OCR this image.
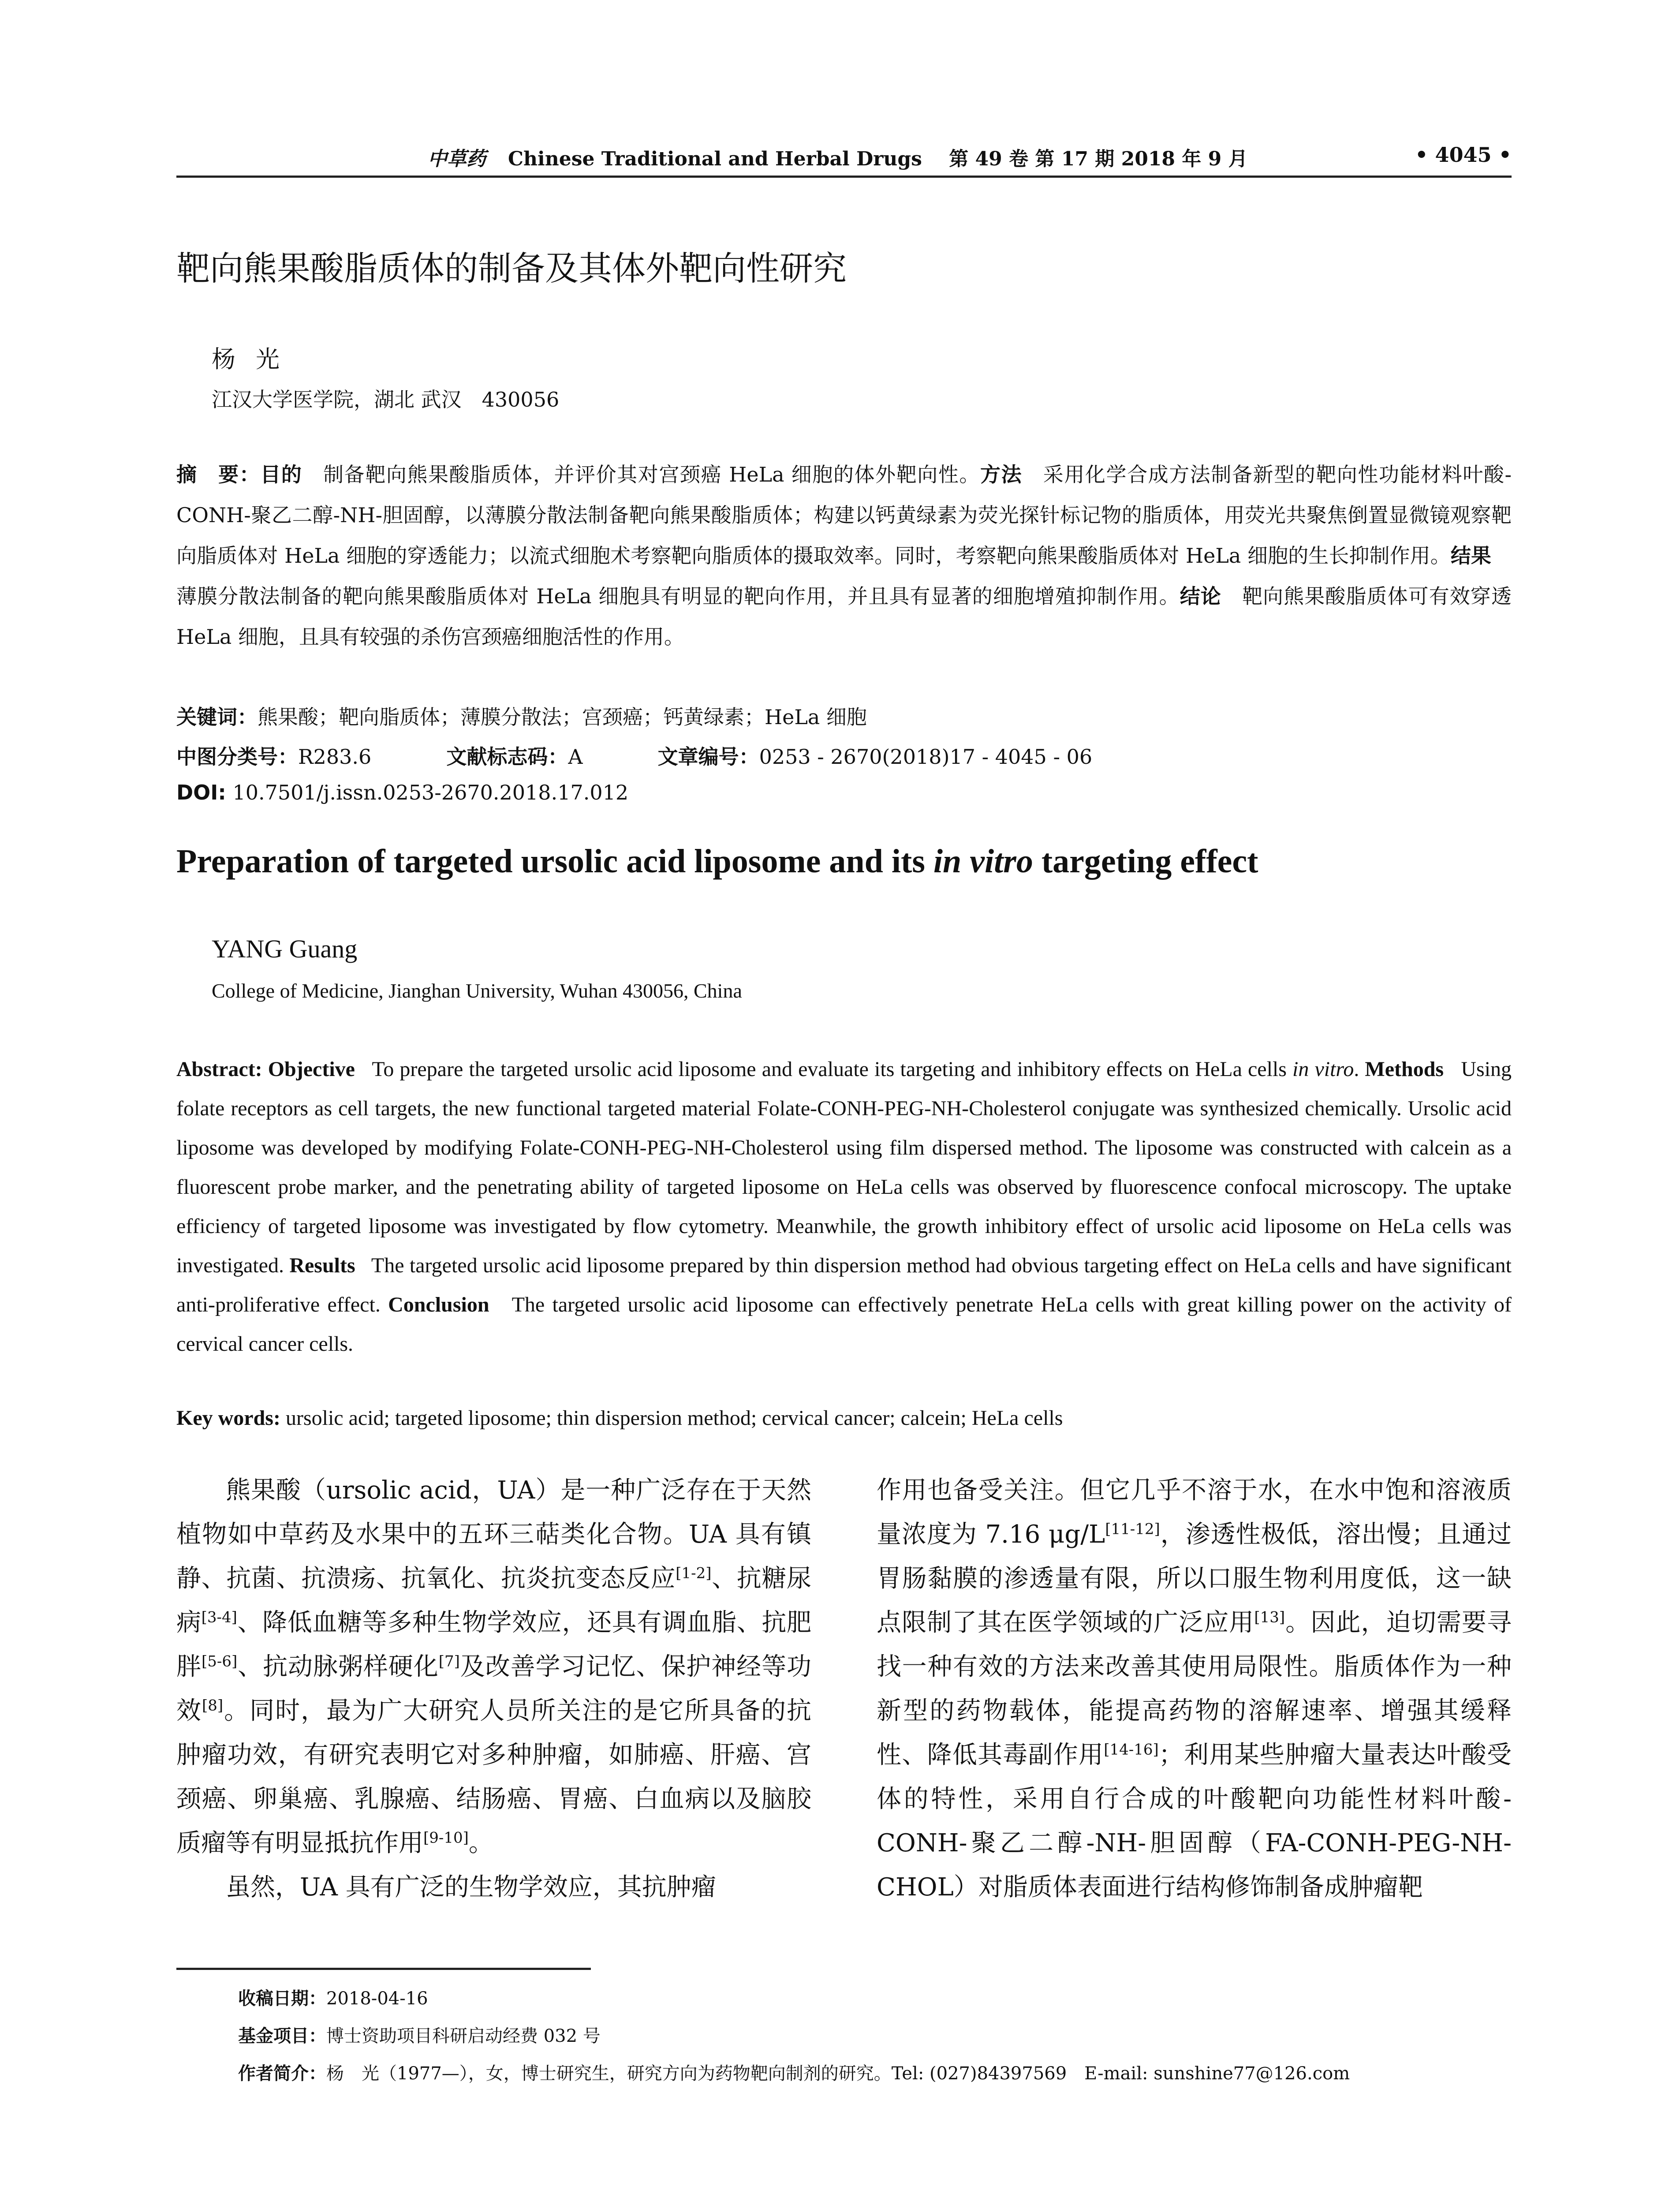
中草药 Chinese Traditional and Herbal Drugs 第 49 卷 第 17 期 2018 年 9 月	• 4045 •
靶向熊果酸脂质体的制备及其体外靶向性研究
杨光
江汉大学医学院，湖北 武汉　430056

摘　要：目的　制备靶向熊果酸脂质体，并评价其对宫颈癌 HeLa 细胞的体外靶向性。方法　采用化学合成方法制备新型的靶向性功能材料叶酸-CONH-聚乙二醇-NH-胆固醇，以薄膜分散法制备靶向熊果酸脂质体；构建以钙黄绿素为荧光探针标记物的脂质体，用荧光共聚焦倒置显微镜观察靶向脂质体对 HeLa 细胞的穿透能力；以流式细胞术考察靶向脂质体的摄取效率。同时，考察靶向熊果酸脂质体对 HeLa 细胞的生长抑制作用。结果　薄膜分散法制备的靶向熊果酸脂质体对 HeLa 细胞具有明显的靶向作用，并且具有显著的细胞增殖抑制作用。结论　靶向熊果酸脂质体可有效穿透 HeLa 细胞，且具有较强的杀伤宫颈癌细胞活性的作用。

关键词：熊果酸；靶向脂质体；薄膜分散法；宫颈癌；钙黄绿素；HeLa 细胞
中图分类号：R283.6	文献标志码：A	文章编号：0253 - 2670(2018)17 - 4045 - 06
DOI: 10.7501/j.issn.0253-2670.2018.17.012
Preparation of targeted ursolic acid liposome and its in vitro targeting effect
YANG Guang
College of Medicine, Jianghan University, Wuhan 430056, China

Abstract: Objective To prepare the targeted ursolic acid liposome and evaluate its targeting and inhibitory effects on HeLa cells in vitro. Methods Using folate receptors as cell targets, the new functional targeted material Folate-CONH-PEG-NH-Cholesterol conjugate was synthesized chemically. Ursolic acid liposome was developed by modifying Folate-CONH-PEG-NH-Cholesterol using film dispersed method. The liposome was constructed with calcein as a fluorescent probe marker, and the penetrating ability of targeted liposome on HeLa cells was observed by fluorescence confocal microscopy. The uptake efficiency of targeted liposome was investigated by flow cytometry. Meanwhile, the growth inhibitory effect of ursolic acid liposome on HeLa cells was investigated. Results The targeted ursolic acid liposome prepared by thin dispersion method had obvious targeting effect on HeLa cells and have significant anti-proliferative effect. Conclusion The targeted ursolic acid liposome can effectively penetrate HeLa cells with great killing power on the activity of cervical cancer cells.

Key words: ursolic acid; targeted liposome; thin dispersion method; cervical cancer; calcein; HeLa cells

熊果酸（ursolic acid，UA）是一种广泛存在于天然植物如中草药及水果中的五环三萜类化合物。UA 具有镇静、抗菌、抗溃疡、抗氧化、抗炎抗变态反应[1-2]、抗糖尿病[3-4]、降低血糖等多种生物学效应，还具有调血脂、抗肥胖[5-6]、抗动脉粥样硬化[7]及改善学习记忆、保护神经等功效[8]。同时，最为广大研究人员所关注的是它所具备的抗肿瘤功效，有研究表明它对多种肿瘤，如肺癌、肝癌、宫颈癌、卵巢癌、乳腺癌、结肠癌、胃癌、白血病以及脑胶质瘤等有明显抵抗作用[9-10]。

虽然，UA 具有广泛的生物学效应，其抗肿瘤

作用也备受关注。但它几乎不溶于水，在水中饱和溶液质量浓度为 7.16 μg/L[11-12]，渗透性极低，溶出慢；且通过胃肠黏膜的渗透量有限，所以口服生物利用度低，这一缺点限制了其在医学领域的广泛应用[13]。因此，迫切需要寻找一种有效的方法来改善其使用局限性。脂质体作为一种新型的药物载体，能提高药物的溶解速率、增强其缓释性、降低其毒副作用[14-16]；利用某些肿瘤大量表达叶酸受体的特性，采用自行合成的叶酸靶向功能性材料叶酸-CONH-聚乙二醇-NH-胆固醇（FA-CONH-PEG-NH-CHOL）对脂质体表面进行结构修饰制备成肿瘤靶

收稿日期：2018-04-16
基金项目：博士资助项目科研启动经费 032 号
作者简介：杨　光（1977—），女，博士研究生，研究方向为药物靶向制剂的研究。Tel: (027)84397569　E-mail: sunshine77@126.com
